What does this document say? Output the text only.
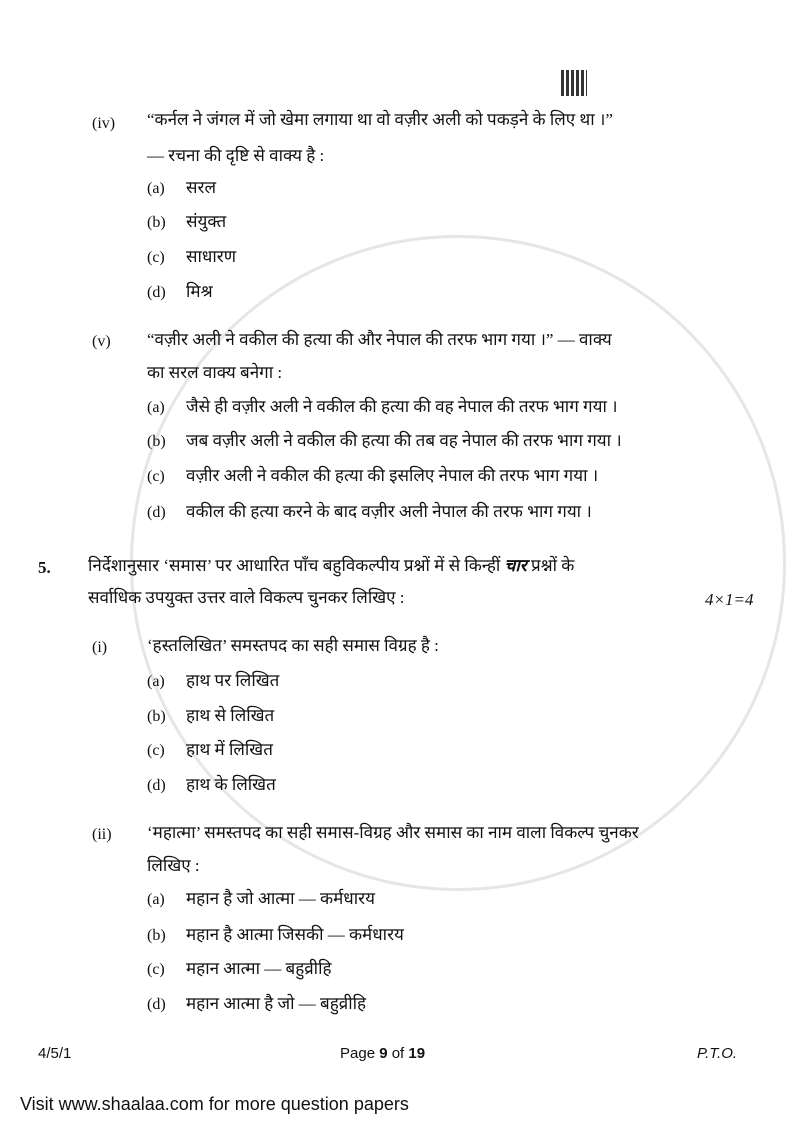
(iv) “कर्नल ने जंगल में जो खेमा लगाया था वो वज़ीर अली को पकड़ने के लिए था ।”
— रचना की दृष्टि से वाक्य है :
(a) सरल
(b) संयुक्त
(c) साधारण
(d) मिश्र
(v) “वज़ीर अली ने वकील की हत्या की और नेपाल की तरफ भाग गया ।” — वाक्य
का सरल वाक्य बनेगा :
(a) जैसे ही वज़ीर अली ने वकील की हत्या की वह नेपाल की तरफ भाग गया ।
(b) जब वज़ीर अली ने वकील की हत्या की तब वह नेपाल की तरफ भाग गया ।
(c) वज़ीर अली ने वकील की हत्या की इसलिए नेपाल की तरफ भाग गया ।
(d) वकील की हत्या करने के बाद वज़ीर अली नेपाल की तरफ भाग गया ।
5. निर्देशानुसार ‘समास’ पर आधारित पाँच बहुविकल्पीय प्रश्नों में से किन्हीं चार प्रश्नों के
सर्वाधिक उपयुक्त उत्तर वाले विकल्प चुनकर लिखिए :	4×1=4
(i) ‘हस्तलिखित’ समस्तपद का सही समास विग्रह है :
(a) हाथ पर लिखित
(b) हाथ से लिखित
(c) हाथ में लिखित
(d) हाथ के लिखित
(ii) ‘महात्मा’ समस्तपद का सही समास-विग्रह और समास का नाम वाला विकल्प चुनकर
लिखिए :
(a) महान है जो आत्मा — कर्मधारय
(b) महान है आत्मा जिसकी — कर्मधारय
(c) महान आत्मा — बहुव्रीहि
(d) महान आत्मा है जो — बहुव्रीहि
4/5/1	Page 9 of 19	P.T.O.
Visit www.shaalaa.com for more question papers
